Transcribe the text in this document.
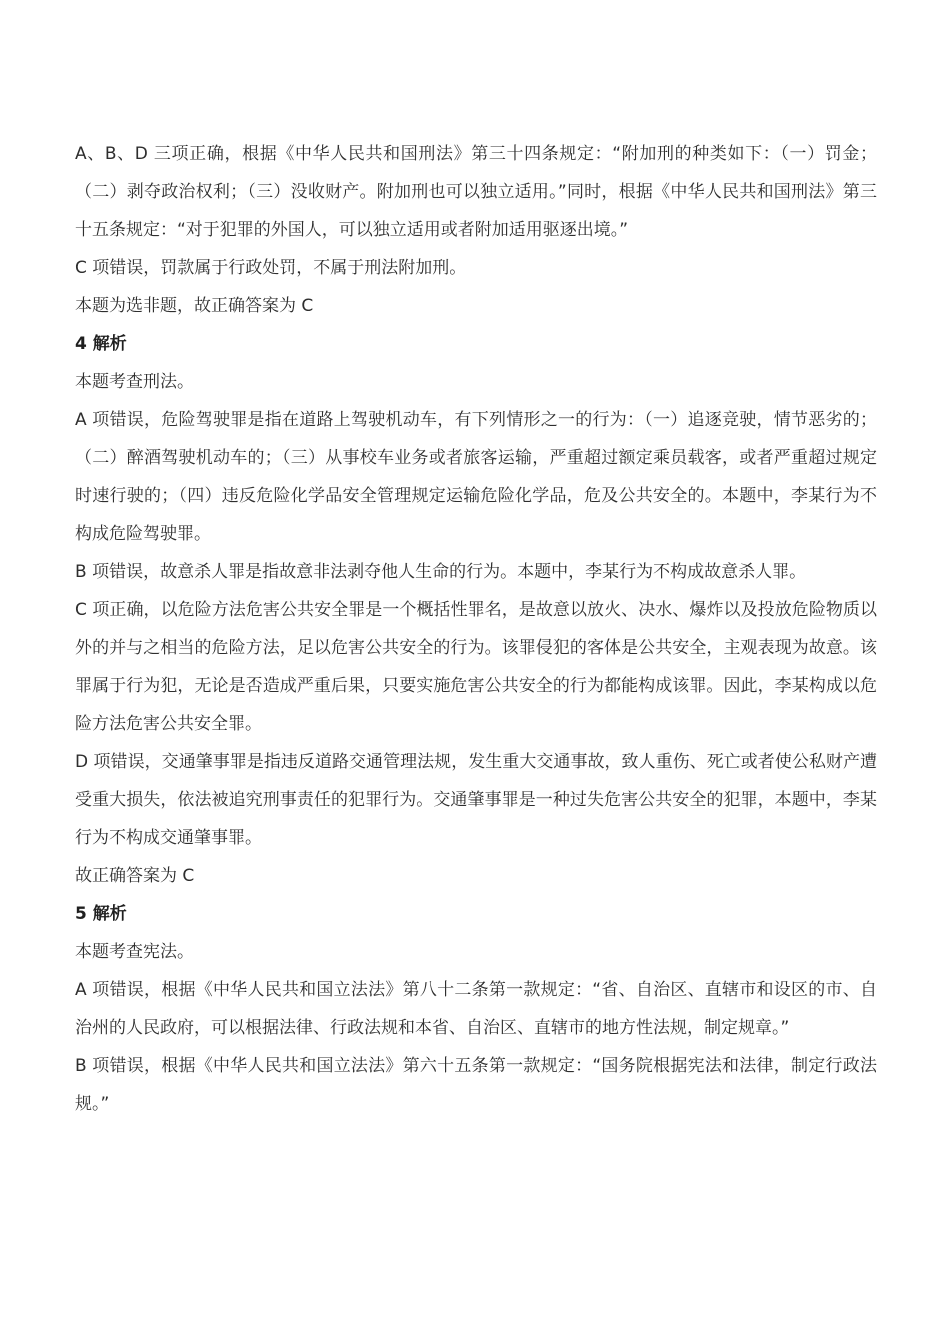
A、B、D 三项正确，根据《中华人民共和国刑法》第三十四条规定：“附加刑的种类如下：（一）罚金；（二）剥夺政治权利；（三）没收财产。附加刑也可以独立适用。”同时，根据《中华人民共和国刑法》第三十五条规定：“对于犯罪的外国人，可以独立适用或者附加适用驱逐出境。”

C 项错误，罚款属于行政处罚，不属于刑法附加刑。

本题为选非题，故正确答案为 C

4 解析

本题考查刑法。

A 项错误，危险驾驶罪是指在道路上驾驶机动车，有下列情形之一的行为：（一）追逐竞驶，情节恶劣的；（二）醉酒驾驶机动车的；（三）从事校车业务或者旅客运输，严重超过额定乘员载客，或者严重超过规定时速行驶的；（四）违反危险化学品安全管理规定运输危险化学品，危及公共安全的。本题中，李某行为不构成危险驾驶罪。

B 项错误，故意杀人罪是指故意非法剥夺他人生命的行为。本题中，李某行为不构成故意杀人罪。

C 项正确，以危险方法危害公共安全罪是一个概括性罪名，是故意以放火、决水、爆炸以及投放危险物质以外的并与之相当的危险方法，足以危害公共安全的行为。该罪侵犯的客体是公共安全，主观表现为故意。该罪属于行为犯，无论是否造成严重后果，只要实施危害公共安全的行为都能构成该罪。因此，李某构成以危险方法危害公共安全罪。

D 项错误，交通肇事罪是指违反道路交通管理法规，发生重大交通事故，致人重伤、死亡或者使公私财产遭受重大损失，依法被追究刑事责任的犯罪行为。交通肇事罪是一种过失危害公共安全的犯罪，本题中，李某行为不构成交通肇事罪。

故正确答案为 C

5 解析

本题考查宪法。

A 项错误，根据《中华人民共和国立法法》第八十二条第一款规定：“省、自治区、直辖市和设区的市、自治州的人民政府，可以根据法律、行政法规和本省、自治区、直辖市的地方性法规，制定规章。”

B 项错误，根据《中华人民共和国立法法》第六十五条第一款规定：“国务院根据宪法和法律，制定行政法规。”
